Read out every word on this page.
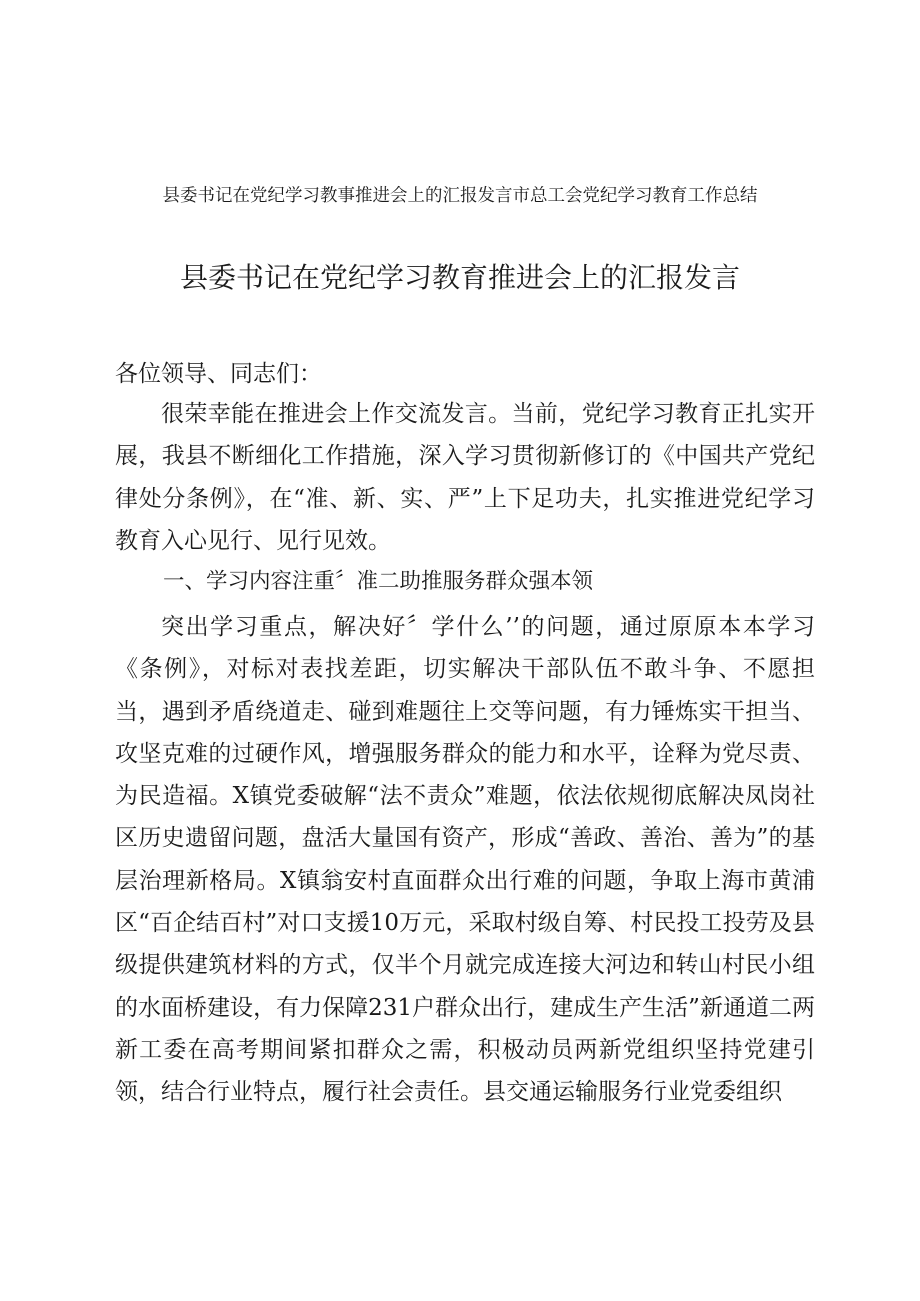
县委书记在党纪学习教事推进会上的汇报发言市总工会党纪学习教育工作总结
县委书记在党纪学习教育推进会上的汇报发言
各位领导、同志们：
很荣幸能在推进会上作交流发言。当前，党纪学习教育正扎实开展，我县不断细化工作措施，深入学习贯彻新修订的《中国共产党纪律处分条例》，在“准、新、实、严”上下足功夫，扎实推进党纪学习教育入心见行、见行见效。
一、学习内容注重〞准二助推服务群众强本领
突出学习重点，解决好〞学什么’’的问题，通过原原本本学习《条例》，对标对表找差距，切实解决干部队伍不敢斗争、不愿担当，遇到矛盾绕道走、碰到难题往上交等问题，有力锤炼实干担当、攻坚克难的过硬作风，增强服务群众的能力和水平，诠释为党尽责、为民造福。X镇党委破解“法不责众”难题，依法依规彻底解决凤岗社区历史遗留问题，盘活大量国有资产，形成“善政、善治、善为”的基层治理新格局。X镇翁安村直面群众出行难的问题，争取上海市黄浦区“百企结百村”对口支援10万元，采取村级自筹、村民投工投劳及县级提供建筑材料的方式，仅半个月就完成连接大河边和转山村民小组的水面桥建设，有力保障231户群众出行，建成生产生活”新通道二两新工委在高考期间紧扣群众之需，积极动员两新党组织坚持党建引领，结合行业特点，履行社会责任。县交通运输服务行业党委组织
